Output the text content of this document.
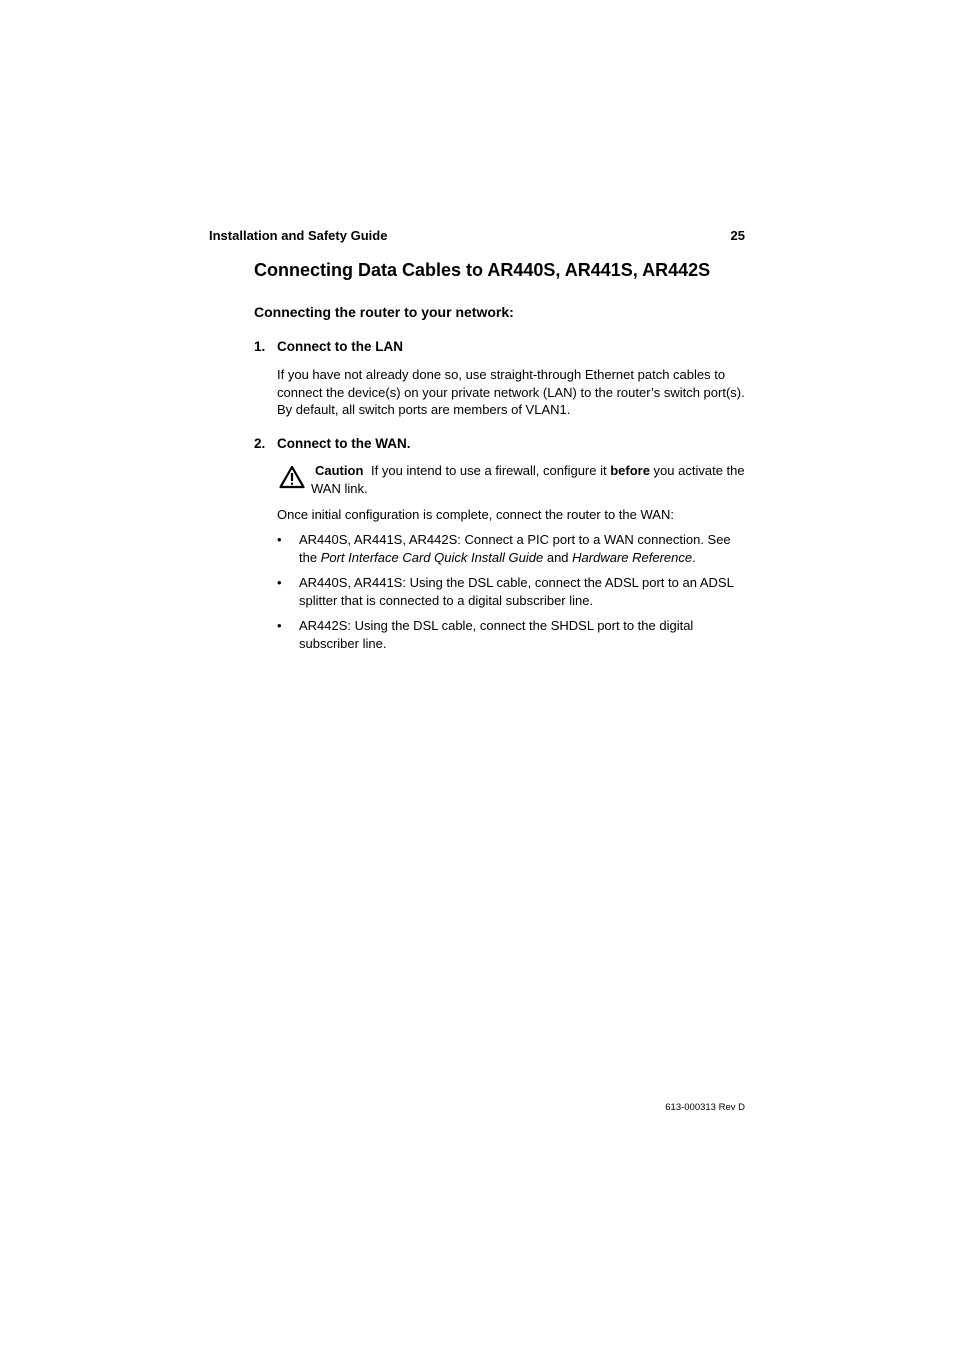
Installation and Safety Guide	25
Connecting Data Cables to AR440S, AR441S, AR442S
Connecting the router to your network:
1. Connect to the LAN
If you have not already done so, use straight-through Ethernet patch cables to connect the device(s) on your private network (LAN) to the router’s switch port(s). By default, all switch ports are members of VLAN1.
2. Connect to the WAN.
Caution If you intend to use a firewall, configure it before you activate the WAN link.
Once initial configuration is complete, connect the router to the WAN:
• AR440S, AR441S, AR442S: Connect a PIC port to a WAN connection. See the Port Interface Card Quick Install Guide and Hardware Reference.
• AR440S, AR441S: Using the DSL cable, connect the ADSL port to an ADSL splitter that is connected to a digital subscriber line.
• AR442S: Using the DSL cable, connect the SHDSL port to the digital subscriber line.
613-000313 Rev D
